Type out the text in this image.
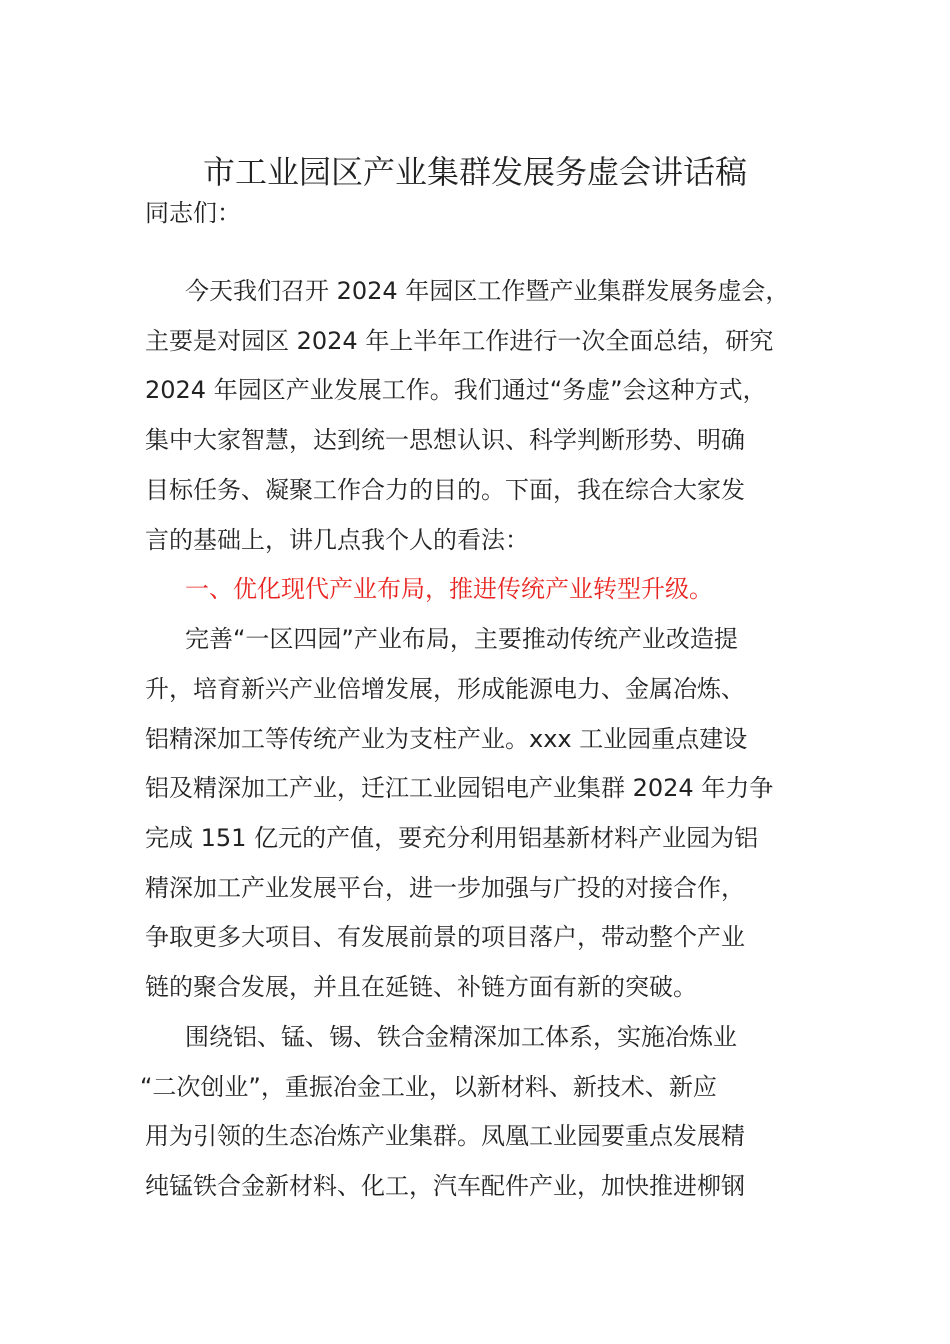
市工业园区产业集群发展务虚会讲话稿
同志们：
今天我们召开 2024 年园区工作暨产业集群发展务虚会，
主要是对园区 2024 年上半年工作进行一次全面总结，研究
2024 年园区产业发展工作。我们通过“务虚”会这种方式，
集中大家智慧，达到统一思想认识、科学判断形势、明确
目标任务、凝聚工作合力的目的。下面，我在综合大家发
言的基础上，讲几点我个人的看法：
一、优化现代产业布局，推进传统产业转型升级。
完善“一区四园”产业布局，主要推动传统产业改造提
升，培育新兴产业倍增发展，形成能源电力、金属冶炼、
铝精深加工等传统产业为支柱产业。xxx 工业园重点建设
铝及精深加工产业，迁江工业园铝电产业集群 2024 年力争
完成 151 亿元的产值，要充分利用铝基新材料产业园为铝
精深加工产业发展平台，进一步加强与广投的对接合作，
争取更多大项目、有发展前景的项目落户，带动整个产业
链的聚合发展，并且在延链、补链方面有新的突破。
围绕铝、锰、锡、铁合金精深加工体系，实施冶炼业
“二次创业”，重振冶金工业，以新材料、新技术、新应
用为引领的生态冶炼产业集群。凤凰工业园要重点发展精
纯锰铁合金新材料、化工，汽车配件产业，加快推进柳钢
